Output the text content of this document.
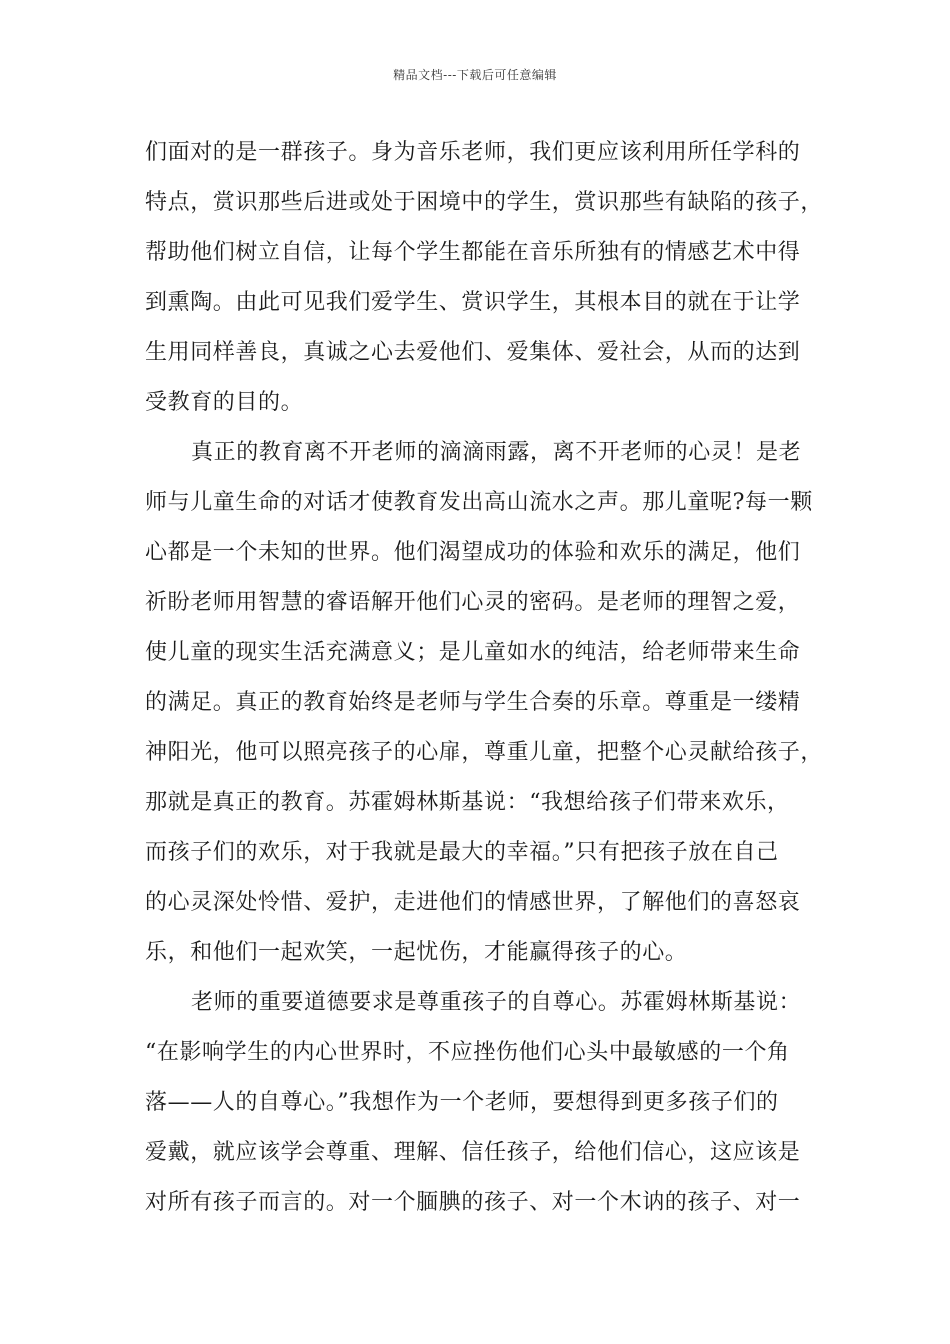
精品文档---下载后可任意编辑
们面对的是一群孩子。身为音乐老师，我们更应该利用所任学科的
特点，赏识那些后进或处于困境中的学生，赏识那些有缺陷的孩子，
帮助他们树立自信，让每个学生都能在音乐所独有的情感艺术中得
到熏陶。由此可见我们爱学生、赏识学生，其根本目的就在于让学
生用同样善良，真诚之心去爱他们、爱集体、爱社会，从而的达到
受教育的目的。
真正的教育离不开老师的滴滴雨露，离不开老师的心灵！是老
师与儿童生命的对话才使教育发出高山流水之声。那儿童呢?每一颗
心都是一个未知的世界。他们渴望成功的体验和欢乐的满足，他们
祈盼老师用智慧的睿语解开他们心灵的密码。是老师的理智之爱，
使儿童的现实生活充满意义；是儿童如水的纯洁，给老师带来生命
的满足。真正的教育始终是老师与学生合奏的乐章。尊重是一缕精
神阳光，他可以照亮孩子的心扉，尊重儿童，把整个心灵献给孩子，
那就是真正的教育。苏霍姆林斯基说：“我想给孩子们带来欢乐，
而孩子们的欢乐，对于我就是最大的幸福。”只有把孩子放在自己
的心灵深处怜惜、爱护，走进他们的情感世界，了解他们的喜怒哀
乐，和他们一起欢笑，一起忧伤，才能赢得孩子的心。
老师的重要道德要求是尊重孩子的自尊心。苏霍姆林斯基说：
“在影响学生的内心世界时，不应挫伤他们心头中最敏感的一个角
落——人的自尊心。”我想作为一个老师，要想得到更多孩子们的
爱戴，就应该学会尊重、理解、信任孩子，给他们信心，这应该是
对所有孩子而言的。对一个腼腆的孩子、对一个木讷的孩子、对一
